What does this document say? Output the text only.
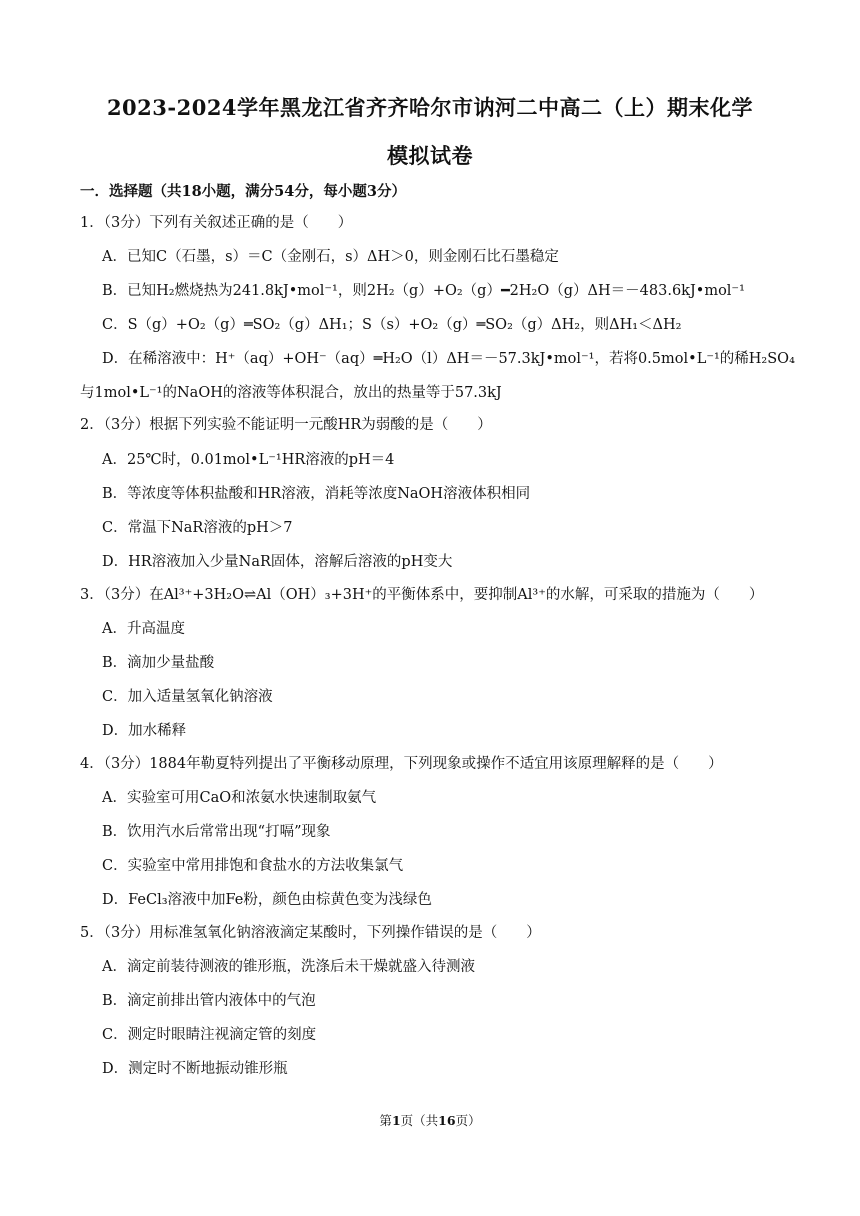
2023-2024学年黑龙江省齐齐哈尔市讷河二中高二（上）期末化学
模拟试卷
一．选择题（共18小题，满分54分，每小题3分）
1．（3分）下列有关叙述正确的是（　　）
A．已知C（石墨，s）＝C（金刚石，s）ΔH＞0，则金刚石比石墨稳定
B．已知H₂燃烧热为241.8kJ•mol⁻¹，则2H₂（g）+O₂（g）━2H₂O（g）ΔH＝－483.6kJ•mol⁻¹
C．S（g）+O₂（g）═SO₂（g）ΔH₁；S（s）+O₂（g）═SO₂（g）ΔH₂，则ΔH₁＜ΔH₂
D．在稀溶液中：H⁺（aq）+OH⁻（aq）═H₂O（l）ΔH＝－57.3kJ•mol⁻¹，若将0.5mol•L⁻¹的稀H₂SO₄
与1mol•L⁻¹的NaOH的溶液等体积混合，放出的热量等于57.3kJ
2．（3分）根据下列实验不能证明一元酸HR为弱酸的是（　　）
A．25℃时，0.01mol•L⁻¹HR溶液的pH＝4
B．等浓度等体积盐酸和HR溶液，消耗等浓度NaOH溶液体积相同
C．常温下NaR溶液的pH＞7
D．HR溶液加入少量NaR固体，溶解后溶液的pH变大
3．（3分）在Al³⁺+3H₂O⇌Al（OH）₃+3H⁺的平衡体系中，要抑制Al³⁺的水解，可采取的措施为（　　）
A．升高温度
B．滴加少量盐酸
C．加入适量氢氧化钠溶液
D．加水稀释
4．（3分）1884年勒夏特列提出了平衡移动原理，下列现象或操作不适宜用该原理解释的是（　　）
A．实验室可用CaO和浓氨水快速制取氨气
B．饮用汽水后常常出现“打嗝”现象
C．实验室中常用排饱和食盐水的方法收集氯气
D．FeCl₃溶液中加Fe粉，颜色由棕黄色变为浅绿色
5．（3分）用标准氢氧化钠溶液滴定某酸时，下列操作错误的是（　　）
A．滴定前装待测液的锥形瓶，洗涤后未干燥就盛入待测液
B．滴定前排出管内液体中的气泡
C．测定时眼睛注视滴定管的刻度
D．测定时不断地振动锥形瓶
第1页（共16页）
